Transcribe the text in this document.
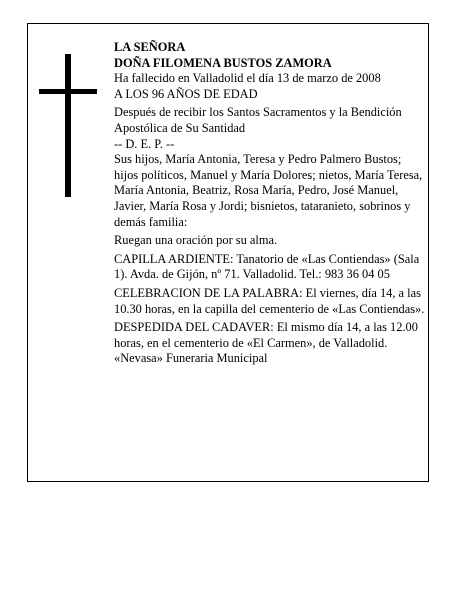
LA SEÑORA

DOÑA FILOMENA BUSTOS ZAMORA

Ha fallecido en Valladolid el día 13 de marzo de 2008

A LOS 96 AÑOS DE EDAD

Después de recibir los Santos Sacramentos y la Bendición Apostólica de Su Santidad

-- D. E. P. --

Sus hijos, María Antonia, Teresa y Pedro Palmero Bustos; hijos políticos, Manuel y María Dolores; nietos, María Teresa, María Antonia, Beatriz, Rosa María, Pedro, José Manuel, Javier, María Rosa y Jordi; bisnietos, tataranieto, sobrinos y demás familia:

Ruegan una oración por su alma.

CAPILLA ARDIENTE: Tanatorio de «Las Contiendas» (Sala 1). Avda. de Gijón, nº 71. Valladolid. Tel.: 983 36 04 05

CELEBRACION DE LA PALABRA: El viernes, día 14, a las 10.30 horas, en la capilla del cementerio de «Las Contiendas».

DESPEDIDA DEL CADAVER: El mismo día 14, a las 12.00 horas, en el cementerio de «El Carmen», de Valladolid.

«Nevasa» Funeraria Municipal
